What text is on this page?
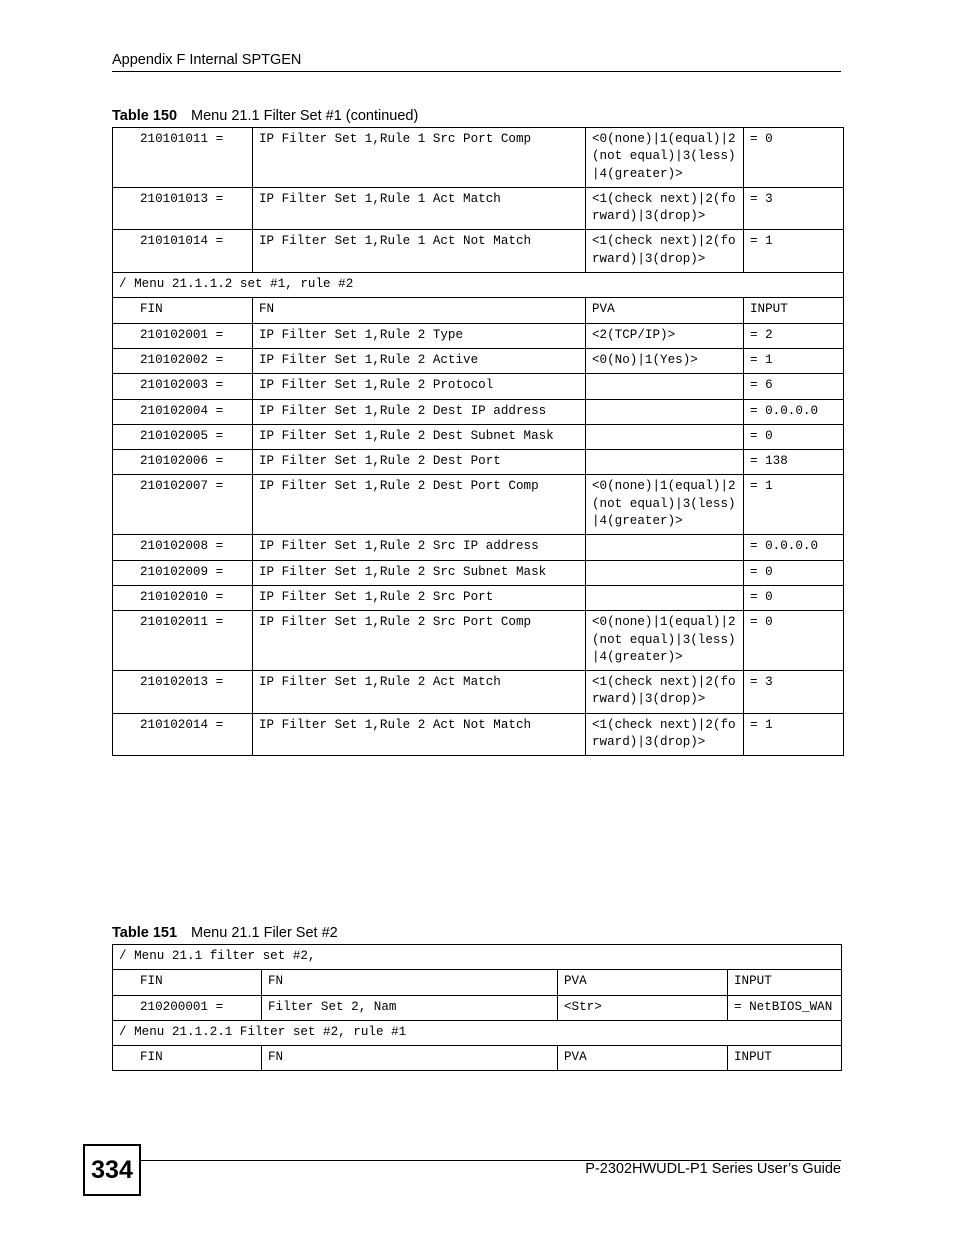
Appendix F Internal SPTGEN
Table 150 Menu 21.1 Filter Set #1 (continued)
210101011 =	IP Filter Set 1,Rule 1 Src Port Comp	<0(none)|1(equal)|2(not equal)|3(less)|4(greater)>	= 0
210101013 =	IP Filter Set 1,Rule 1 Act Match	<1(check next)|2(forward)|3(drop)>	= 3
210101014 =	IP Filter Set 1,Rule 1 Act Not Match	<1(check next)|2(forward)|3(drop)>	= 1
/ Menu 21.1.1.2 set #1, rule #2			
FIN	FN	PVA	INPUT
210102001 =	IP Filter Set 1,Rule 2 Type	<2(TCP/IP)>	= 2
210102002 =	IP Filter Set 1,Rule 2 Active	<0(No)|1(Yes)>	= 1
210102003 =	IP Filter Set 1,Rule 2 Protocol		= 6
210102004 =	IP Filter Set 1,Rule 2 Dest IP address		= 0.0.0.0
210102005 =	IP Filter Set 1,Rule 2 Dest Subnet Mask		= 0
210102006 =	IP Filter Set 1,Rule 2 Dest Port		= 138
210102007 =	IP Filter Set 1,Rule 2 Dest Port Comp	<0(none)|1(equal)|2(not equal)|3(less)|4(greater)>	= 1
210102008 =	IP Filter Set 1,Rule 2 Src IP address		= 0.0.0.0
210102009 =	IP Filter Set 1,Rule 2 Src Subnet Mask		= 0
210102010 =	IP Filter Set 1,Rule 2 Src Port		= 0
210102011 =	IP Filter Set 1,Rule 2 Src Port Comp	<0(none)|1(equal)|2(not equal)|3(less)|4(greater)>	= 0
210102013 =	IP Filter Set 1,Rule 2 Act Match	<1(check next)|2(forward)|3(drop)>	= 3
210102014 =	IP Filter Set 1,Rule 2 Act Not Match	<1(check next)|2(forward)|3(drop)>	= 1
Table 151 Menu 21.1 Filer Set #2
/ Menu 21.1 filter set #2,			
FIN	FN	PVA	INPUT
210200001 =	Filter Set 2, Nam	<Str>	= NetBIOS_WAN
/ Menu 21.1.2.1 Filter set #2, rule #1			
FIN	FN	PVA	INPUT
334	P-2302HWUDL-P1 Series User’s Guide
